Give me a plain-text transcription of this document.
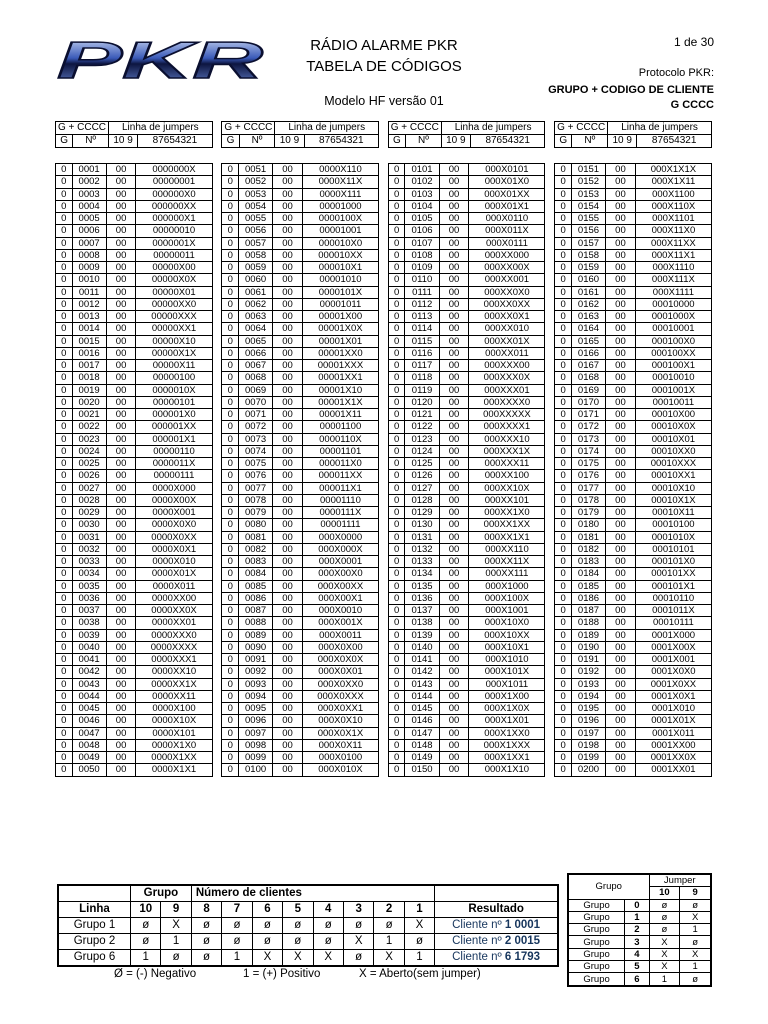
PKR	RÁDIO ALARME PKR
TABELA DE CÓDIGOS
Modelo HF versão 01
1 de 30
Protocolo PKR:
GRUPO + CODIGO DE CLIENTE
G CCCC
G + CCCC		Linha de jumpers			G + CCCC		Linha de jumpers			G + CCCC		Linha de jumpers			G + CCCC		Linha de jumpers	
G	Nº	10 9	87654321		G	Nº	10 9	87654321		G	Nº	10 9	87654321		G	Nº	10 9	87654321
0	0001	00	0000000X		0	0051	00	0000X110		0	0101	00	000X0101		0	0151	00	000X1X1X
0	0002	00	00000001		0	0052	00	0000X11X		0	0102	00	000X01X0		0	0152	00	000X1X11
0	0003	00	000000X0		0	0053	00	0000X111		0	0103	00	000X01XX		0	0153	00	000X1100
0	0004	00	000000XX		0	0054	00	00001000		0	0104	00	000X01X1		0	0154	00	000X110X
0	0005	00	000000X1		0	0055	00	0000100X		0	0105	00	000X0110		0	0155	00	000X1101
0	0006	00	00000010		0	0056	00	00001001		0	0106	00	000X011X		0	0156	00	000X11X0
0	0007	00	0000001X		0	0057	00	000010X0		0	0107	00	000X0111		0	0157	00	000X11XX
0	0008	00	00000011		0	0058	00	000010XX		0	0108	00	000XX000		0	0158	00	000X11X1
0	0009	00	00000X00		0	0059	00	000010X1		0	0109	00	000XX00X		0	0159	00	000X1110
0	0010	00	00000X0X		0	0060	00	00001010		0	0110	00	000XX001		0	0160	00	000X111X
0	0011	00	00000X01		0	0061	00	0000101X		0	0111	00	000XX0X0		0	0161	00	000X1111
0	0012	00	00000XX0		0	0062	00	00001011		0	0112	00	000XX0XX		0	0162	00	00010000
0	0013	00	00000XXX		0	0063	00	00001X00		0	0113	00	000XX0X1		0	0163	00	0001000X
0	0014	00	00000XX1		0	0064	00	00001X0X		0	0114	00	000XX010		0	0164	00	00010001
0	0015	00	00000X10		0	0065	00	00001X01		0	0115	00	000XX01X		0	0165	00	000100X0
0	0016	00	00000X1X		0	0066	00	00001XX0		0	0116	00	000XX011		0	0166	00	000100XX
0	0017	00	00000X11		0	0067	00	00001XXX		0	0117	00	000XXX00		0	0167	00	000100X1
0	0018	00	00000100		0	0068	00	00001XX1		0	0118	00	000XXX0X		0	0168	00	00010010
0	0019	00	0000010X		0	0069	00	00001X10		0	0119	00	000XXX01		0	0169	00	0001001X
0	0020	00	00000101		0	0070	00	00001X1X		0	0120	00	000XXXX0		0	0170	00	00010011
0	0021	00	000001X0		0	0071	00	00001X11		0	0121	00	000XXXXX		0	0171	00	00010X00
0	0022	00	000001XX		0	0072	00	00001100		0	0122	00	000XXXX1		0	0172	00	00010X0X
0	0023	00	000001X1		0	0073	00	0000110X		0	0123	00	000XXX10		0	0173	00	00010X01
0	0024	00	00000110		0	0074	00	00001101		0	0124	00	000XXX1X		0	0174	00	00010XX0
0	0025	00	0000011X		0	0075	00	000011X0		0	0125	00	000XXX11		0	0175	00	00010XXX
0	0026	00	00000111		0	0076	00	000011XX		0	0126	00	000XX100		0	0176	00	00010XX1
0	0027	00	0000X000		0	0077	00	000011X1		0	0127	00	000XX10X		0	0177	00	00010X10
0	0028	00	0000X00X		0	0078	00	00001110		0	0128	00	000XX101		0	0178	00	00010X1X
0	0029	00	0000X001		0	0079	00	0000111X		0	0129	00	000XX1X0		0	0179	00	00010X11
0	0030	00	0000X0X0		0	0080	00	00001111		0	0130	00	000XX1XX		0	0180	00	00010100
0	0031	00	0000X0XX		0	0081	00	000X0000		0	0131	00	000XX1X1		0	0181	00	0001010X
0	0032	00	0000X0X1		0	0082	00	000X000X		0	0132	00	000XX110		0	0182	00	00010101
0	0033	00	0000X010		0	0083	00	000X0001		0	0133	00	000XX11X		0	0183	00	000101X0
0	0034	00	0000X01X		0	0084	00	000X00X0		0	0134	00	000XX111		0	0184	00	000101XX
0	0035	00	0000X011		0	0085	00	000X00XX		0	0135	00	000X1000		0	0185	00	000101X1
0	0036	00	0000XX00		0	0086	00	000X00X1		0	0136	00	000X100X		0	0186	00	00010110
0	0037	00	0000XX0X		0	0087	00	000X0010		0	0137	00	000X1001		0	0187	00	0001011X
0	0038	00	0000XX01		0	0088	00	000X001X		0	0138	00	000X10X0		0	0188	00	00010111
0	0039	00	0000XXX0		0	0089	00	000X0011		0	0139	00	000X10XX		0	0189	00	0001X000
0	0040	00	0000XXXX		0	0090	00	000X0X00		0	0140	00	000X10X1		0	0190	00	0001X00X
0	0041	00	0000XXX1		0	0091	00	000X0X0X		0	0141	00	000X1010		0	0191	00	0001X001
0	0042	00	0000XX10		0	0092	00	000X0X01		0	0142	00	000X101X		0	0192	00	0001X0X0
0	0043	00	0000XX1X		0	0093	00	000X0XX0		0	0143	00	000X1011		0	0193	00	0001X0XX
0	0044	00	0000XX11		0	0094	00	000X0XXX		0	0144	00	000X1X00		0	0194	00	0001X0X1
0	0045	00	0000X100		0	0095	00	000X0XX1		0	0145	00	000X1X0X		0	0195	00	0001X010
0	0046	00	0000X10X		0	0096	00	000X0X10		0	0146	00	000X1X01		0	0196	00	0001X01X
0	0047	00	0000X101		0	0097	00	000X0X1X		0	0147	00	000X1XX0		0	0197	00	0001X011
0	0048	00	0000X1X0		0	0098	00	000X0X11		0	0148	00	000X1XXX		0	0198	00	0001XX00
0	0049	00	0000X1XX		0	0099	00	000X0100		0	0149	00	000X1XX1		0	0199	00	0001XX0X
0	0050	00	0000X1X1		0	0100	00	000X010X		0	0150	00	000X1X10		0	0200	00	0001XX01
	Grupo		Número de clientes								
Linha	10	9	8	7	6	5	4	3	2	1	Resultado
Grupo 1	ø	X	ø	ø	ø	ø	ø	ø	ø	X	Cliente nº 1 0001
Grupo 2	ø	1	ø	ø	ø	ø	ø	X	1	ø	Cliente nº 2 0015
Grupo 6	1	ø	ø	1	X	X	X	ø	X	1	Cliente nº 6 1793
Ø = (-) Negativo	1 = (+) Positivo	X = Aberto(sem jumper)
Grupo		Jumper	
		10	9
Grupo	0	ø	ø
Grupo	1	ø	X
Grupo	2	ø	1
Grupo	3	X	ø
Grupo	4	X	X
Grupo	5	X	1
Grupo	6	1	ø
